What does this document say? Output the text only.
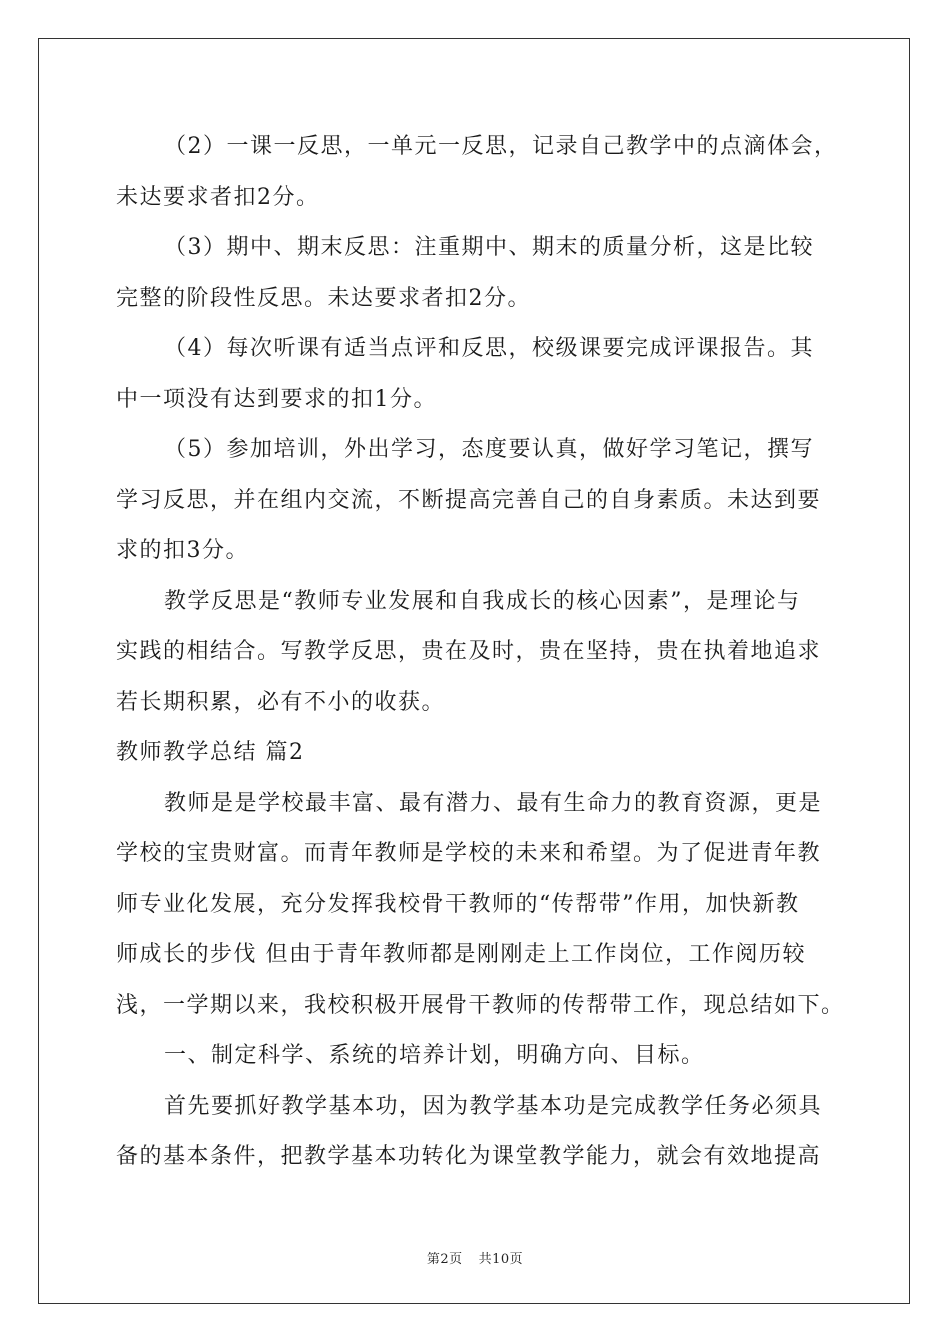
（2）一课一反思，一单元一反思，记录自己教学中的点滴体会，
未达要求者扣2分。
（3）期中、期末反思：注重期中、期末的质量分析，这是比较
完整的阶段性反思。未达要求者扣2分。
（4）每次听课有适当点评和反思，校级课要完成评课报告。其
中一项没有达到要求的扣1分。
（5）参加培训，外出学习，态度要认真，做好学习笔记，撰写
学习反思，并在组内交流，不断提高完善自己的自身素质。未达到要
求的扣3分。
教学反思是“教师专业发展和自我成长的核心因素”，是理论与
实践的相结合。写教学反思，贵在及时，贵在坚持，贵在执着地追求
若长期积累，必有不小的收获。
教师教学总结 篇2
教师是是学校最丰富、最有潜力、最有生命力的教育资源，更是
学校的宝贵财富。而青年教师是学校的未来和希望。为了促进青年教
师专业化发展，充分发挥我校骨干教师的“传帮带”作用，加快新教
师成长的步伐 但由于青年教师都是刚刚走上工作岗位，工作阅历较
浅，一学期以来，我校积极开展骨干教师的传帮带工作，现总结如下。
一、制定科学、系统的培养计划，明确方向、目标。
首先要抓好教学基本功，因为教学基本功是完成教学任务必须具
备的基本条件，把教学基本功转化为课堂教学能力，就会有效地提高
第2页 共10页
